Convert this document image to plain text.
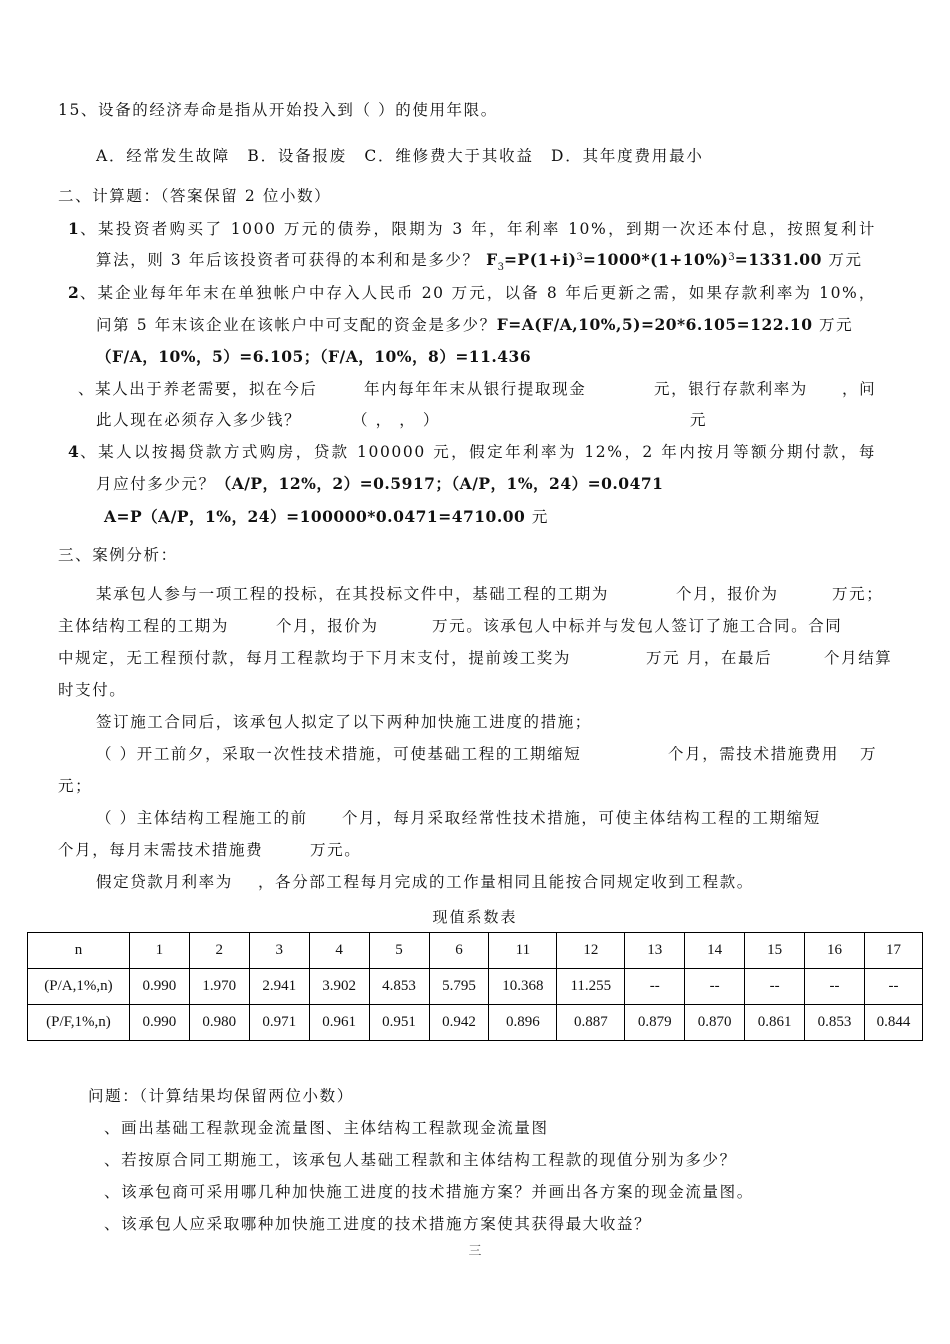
15、设备的经济寿命是指从开始投入到（ ）的使用年限。
A．经常发生故障　B．设备报废　C．维修费大于其收益　D．其年度费用最小
二、计算题：（答案保留 2 位小数）
1、某投资者购买了 1000 万元的债券，限期为 3 年，年利率 10%，到期一次还本付息，按照复利计
算法，则 3 年后该投资者可获得的本利和是多少？ $F_3=P(1+i)^3=1000*(1+10\%)^3=1331.00$ 万元
2、某企业每年年末在单独帐户中存入人民币 20 万元，以备 8 年后更新之需，如果存款利率为 10%，
问第 5 年末该企业在该帐户中可支配的资金是多少？F=A(F/A,10%,5)=20*6.105=122.10 万元
（F/A，10%，5）=6.105；（F/A，10%，8）=11.436
、某人出于养老需要，拟在今后	年内每年年末从银行提取现金	元，银行存款利率为 ，问
此人现在必须存入多少钱？	（ ， ， ）	元
4、某人以按揭贷款方式购房，贷款 100000 元，假定年利率为 12%，2 年内按月等额分期付款，每
月应付多少元？（A/P，12%，2）=0.5917；（A/P，1%，24）=0.0471
A=P（A/P，1%，24）=100000*0.0471=4710.00 元
三、案例分析：
某承包人参与一项工程的投标，在其投标文件中，基础工程的工期为	个月，报价为	万元；
主体结构工程的工期为	个月，报价为	万元。该承包人中标并与发包人签订了施工合同。合同
中规定，无工程预付款，每月工程款均于下月末支付，提前竣工奖为	万元 月，在最后	个月结算
时支付。
签订施工合同后，该承包人拟定了以下两种加快施工进度的措施；
（ ）开工前夕，采取一次性技术措施，可使基础工程的工期缩短	个月，需技术措施费用 万
元；
（ ）主体结构工程施工的前 个月，每月采取经常性技术措施，可使主体结构工程的工期缩短
个月，每月末需技术措施费	万元。
假定贷款月利率为 ，各分部工程每月完成的工作量相同且能按合同规定收到工程款。
现值系数表
n	1	2	3	4	5	6	11	12	13	14	15	16	17
(P/A,1%,n)	0.990	1.970	2.941	3.902	4.853	5.795	10.368	11.255	--	--	--	--	--
(P/F,1%,n)	0.990	0.980	0.971	0.961	0.951	0.942	0.896	0.887	0.879	0.870	0.861	0.853	0.844
问题：（计算结果均保留两位小数）
、画出基础工程款现金流量图、主体结构工程款现金流量图
、若按原合同工期施工，该承包人基础工程款和主体结构工程款的现值分别为多少？
、该承包商可采用哪几种加快施工进度的技术措施方案？并画出各方案的现金流量图。
、该承包人应采取哪种加快施工进度的技术措施方案使其获得最大收益？
三
